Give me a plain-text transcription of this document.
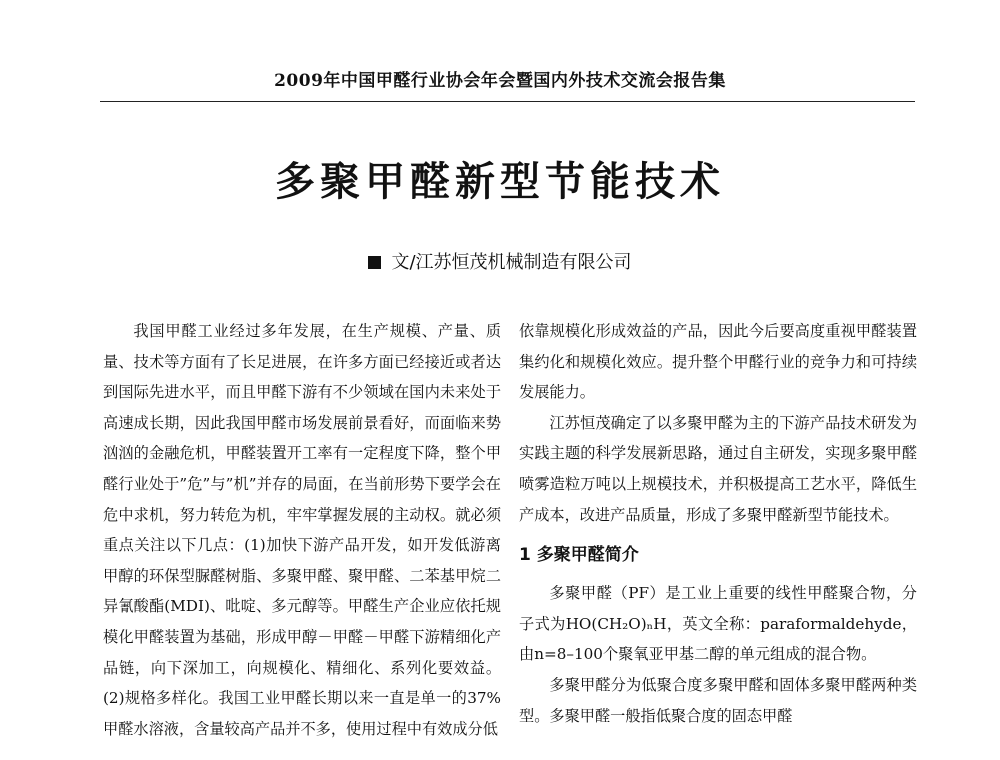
2009年中国甲醛行业协会年会暨国内外技术交流会报告集
多聚甲醛新型节能技术
文/江苏恒茂机械制造有限公司

我国甲醛工业经过多年发展，在生产规模、产量、质量、技术等方面有了长足进展，在许多方面已经接近或者达到国际先进水平，而且甲醛下游有不少领域在国内未来处于高速成长期，因此我国甲醛市场发展前景看好，而面临来势汹汹的金融危机，甲醛装置开工率有一定程度下降，整个甲醛行业处于”危”与”机”并存的局面，在当前形势下要学会在危中求机，努力转危为机，牢牢掌握发展的主动权。就必须重点关注以下几点：(1)加快下游产品开发，如开发低游离甲醇的环保型脲醛树脂、多聚甲醛、聚甲醛、二苯基甲烷二异氰酸酯(MDI)、吡啶、多元醇等。甲醛生产企业应依托规模化甲醛装置为基础，形成甲醇－甲醛－甲醛下游精细化产品链，向下深加工，向规模化、精细化、系列化要效益。(2)规格多样化。我国工业甲醛长期以来一直是单一的37%甲醛水溶液，含量较高产品并不多，使用过程中有效成分低

依靠规模化形成效益的产品，因此今后要高度重视甲醛装置集约化和规模化效应。提升整个甲醛行业的竞争力和可持续发展能力。

江苏恒茂确定了以多聚甲醛为主的下游产品技术研发为实践主题的科学发展新思路，通过自主研发，实现多聚甲醛喷雾造粒万吨以上规模技术，并积极提高工艺水平，降低生产成本，改进产品质量，形成了多聚甲醛新型节能技术。

1 多聚甲醛简介

多聚甲醛（PF）是工业上重要的线性甲醛聚合物，分子式为HO(CH₂O)ₙH，英文全称：paraformaldehyde，由n=8–100个聚氧亚甲基二醇的单元组成的混合物。

多聚甲醛分为低聚合度多聚甲醛和固体多聚甲醛两种类型。多聚甲醛一般指低聚合度的固态甲醛
